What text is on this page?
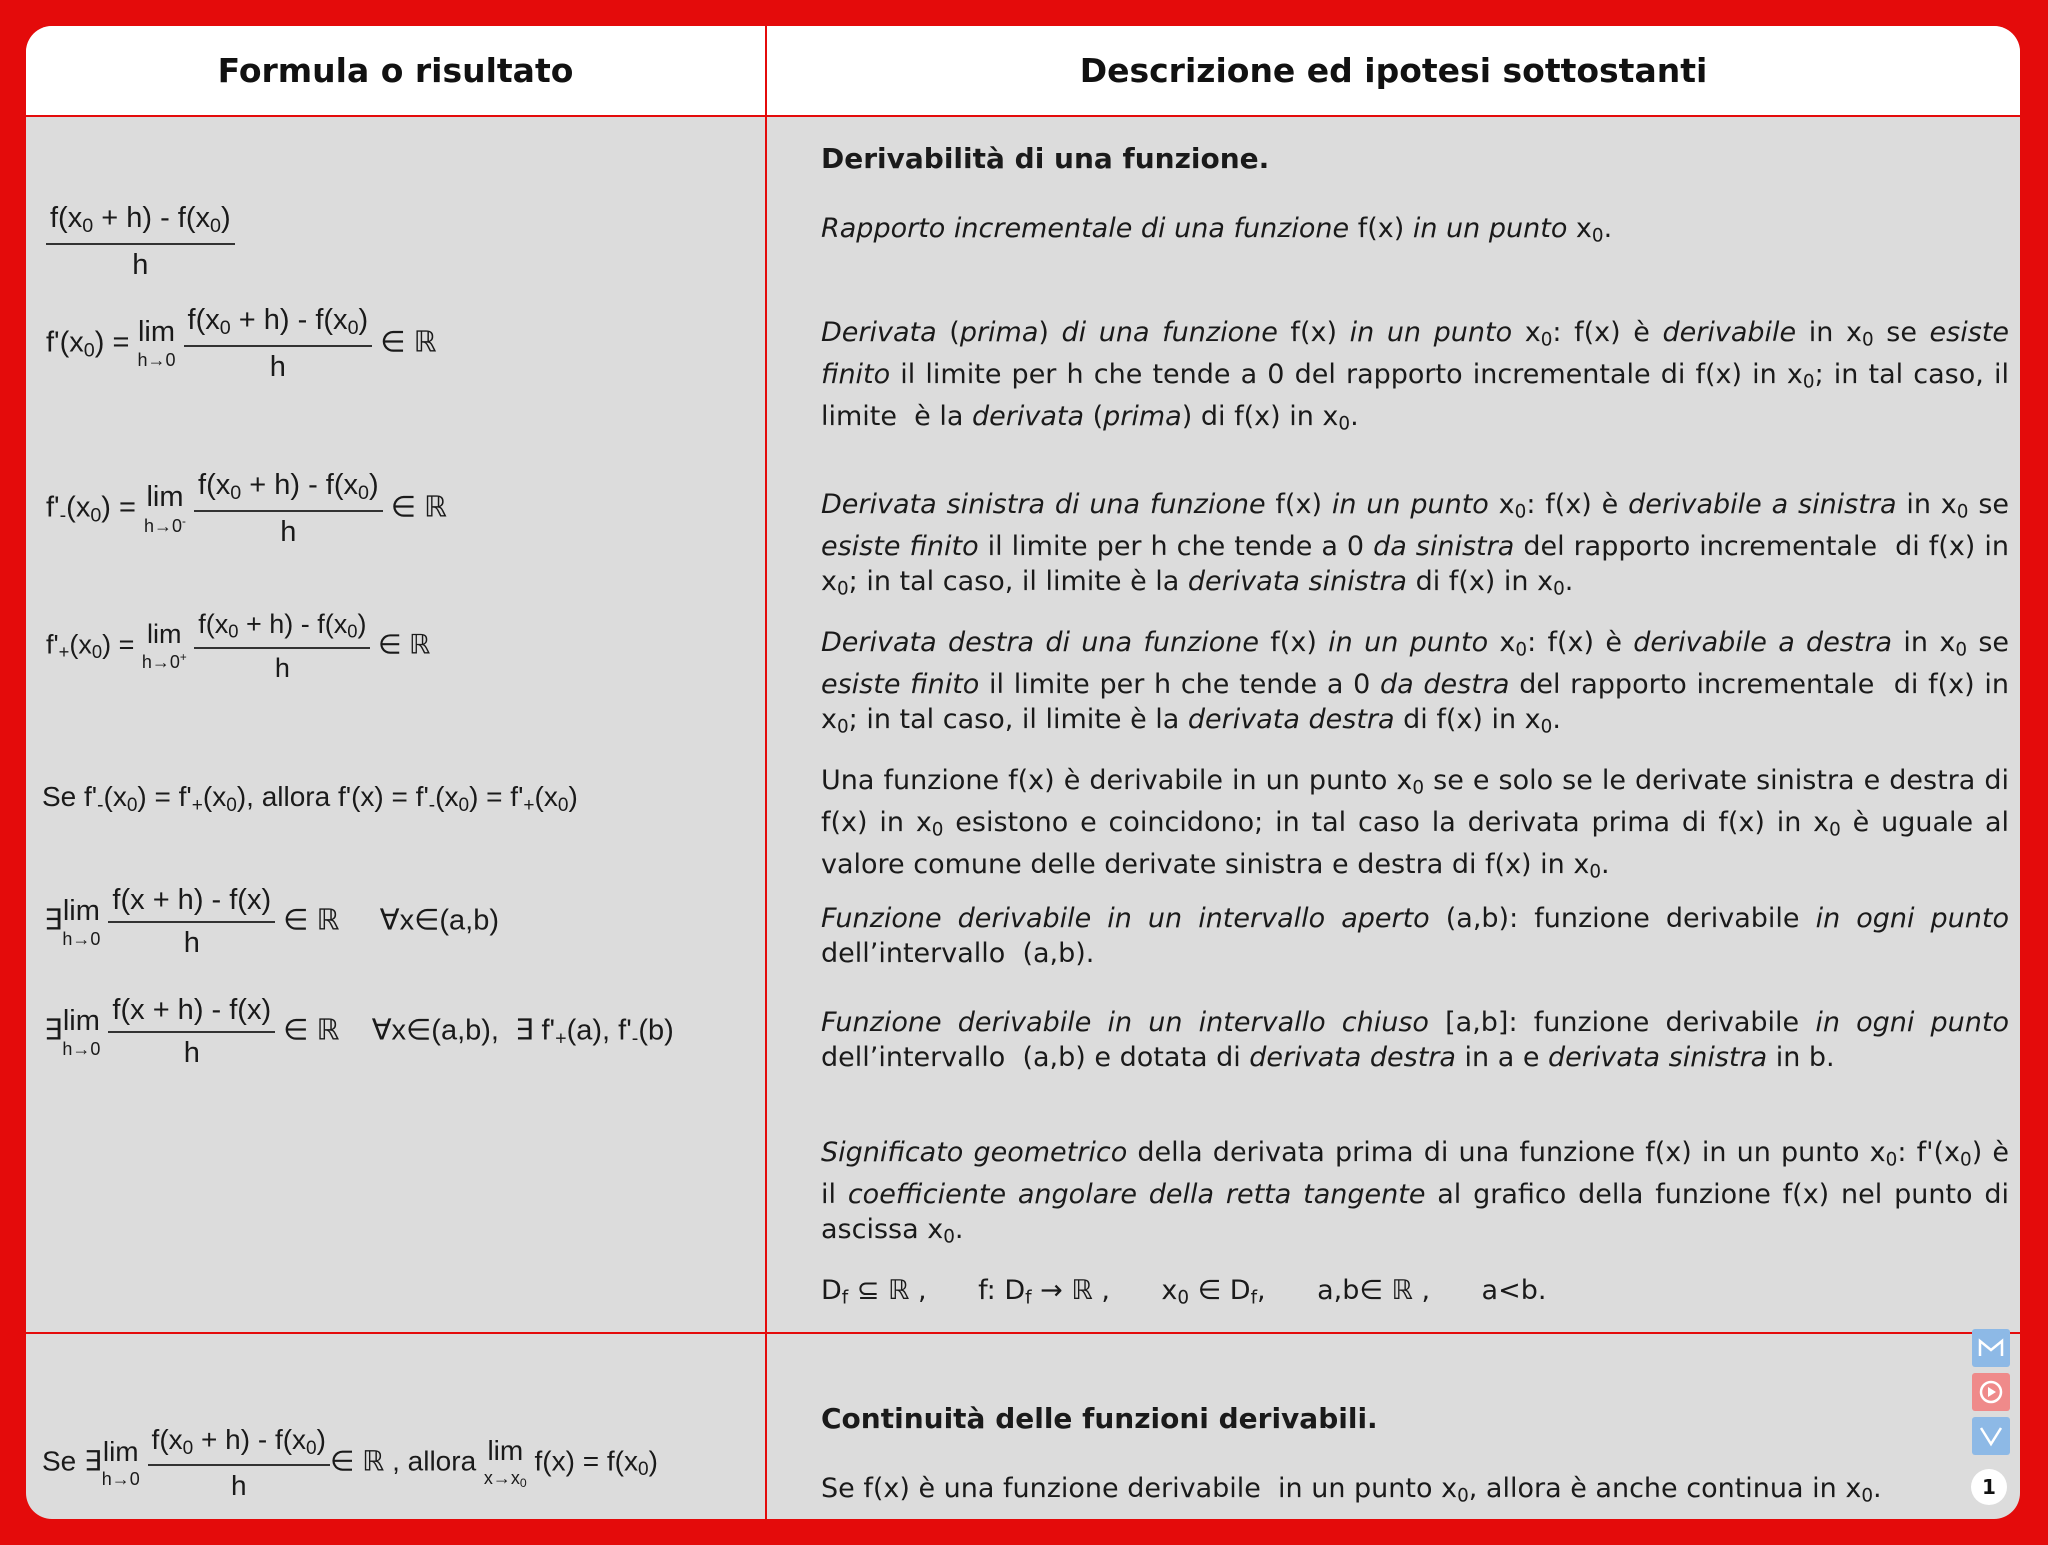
Formula o risultato	Descrizione ed ipotesi sottostanti
$\frac{f(x_0 + h) - f(x_0)}{h}$
$f'(x_0) = \lim$
h→0
$\frac{f(x_0 + h) - f(x_0)}{h}$ ∈ ℝ
$f'_-(x_0) = \lim$
h→0-
$\frac{f(x_0 + h) - f(x_0)}{h}$ ∈ ℝ
$f'_+(x_0) = \lim$
h→0+
$\frac{f(x_0 + h) - f(x_0)}{h}$ ∈ ℝ
Se $f'_-(x_0) = f'_+(x_0)$, allora $f'(x) = f'_-(x_0) = f'_+(x_0)$
∃lim
h→0
$\frac{f(x + h) - f(x)}{h}$ ∈ ℝ     ∀x∈(a,b)
∃lim
h→0
$\frac{f(x + h) - f(x)}{h}$ ∈ ℝ    ∀x∈(a,b),  ∃ $f'_+(a)$, $f'_-(b)$
Se ∃lim
h→0
$\frac{f(x_0 + h) - f(x_0)}{h}$ ∈ ℝ , allora lim
$x\to x_0$
$f(x) = f(x_0)$
Derivabilità di una funzione.
Rapporto incrementale di una funzione f(x) in un punto $x_0$.
Derivata (prima) di una funzione f(x) in un punto $x_0$: f(x) è derivabile in $x_0$ se esiste finito il limite per h che tende a 0 del rapporto incrementale di f(x) in $x_0$; in tal caso, il limite  è la derivata (prima) di f(x) in $x_0$.
Derivata sinistra di una funzione f(x) in un punto $x_0$: f(x) è derivabile a sinistra in $x_0$ se esiste finito il limite per h che tende a 0 da sinistra del rapporto incrementale  di f(x) in $x_0$; in tal caso, il limite è la derivata sinistra di f(x) in $x_0$.
Derivata destra di una funzione f(x) in un punto $x_0$: f(x) è derivabile a destra in $x_0$ se esiste finito il limite per h che tende a 0 da destra del rapporto incrementale  di f(x) in $x_0$; in tal caso, il limite è la derivata destra di f(x) in $x_0$.
Una funzione f(x) è derivabile in un punto $x_0$ se e solo se le derivate sinistra e destra di f(x) in $x_0$ esistono e coincidono; in tal caso la derivata prima di f(x) in $x_0$ è uguale al valore comune delle derivate sinistra e destra di f(x) in $x_0$.
Funzione derivabile in un intervallo aperto (a,b): funzione derivabile in ogni punto dell’intervallo  (a,b).
Funzione derivabile in un intervallo chiuso [a,b]: funzione derivabile in ogni punto dell’intervallo  (a,b) e dotata di derivata destra in a e derivata sinistra in b.
Significato geometrico della derivata prima di una funzione f(x) in un punto $x_0$: $f'(x_0)$ è il coefficiente angolare della retta tangente al grafico della funzione f(x) nel punto di ascissa $x_0$.
$D_f$ ⊆ ℝ ,      f: $D_f$ → ℝ ,      $x_0$ ∈ $D_f$,      a,b∈ ℝ ,      a<b.
Continuità delle funzioni derivabili.
Se f(x) è una funzione derivabile  in un punto $x_0$, allora è anche continua in $x_0$.	1
